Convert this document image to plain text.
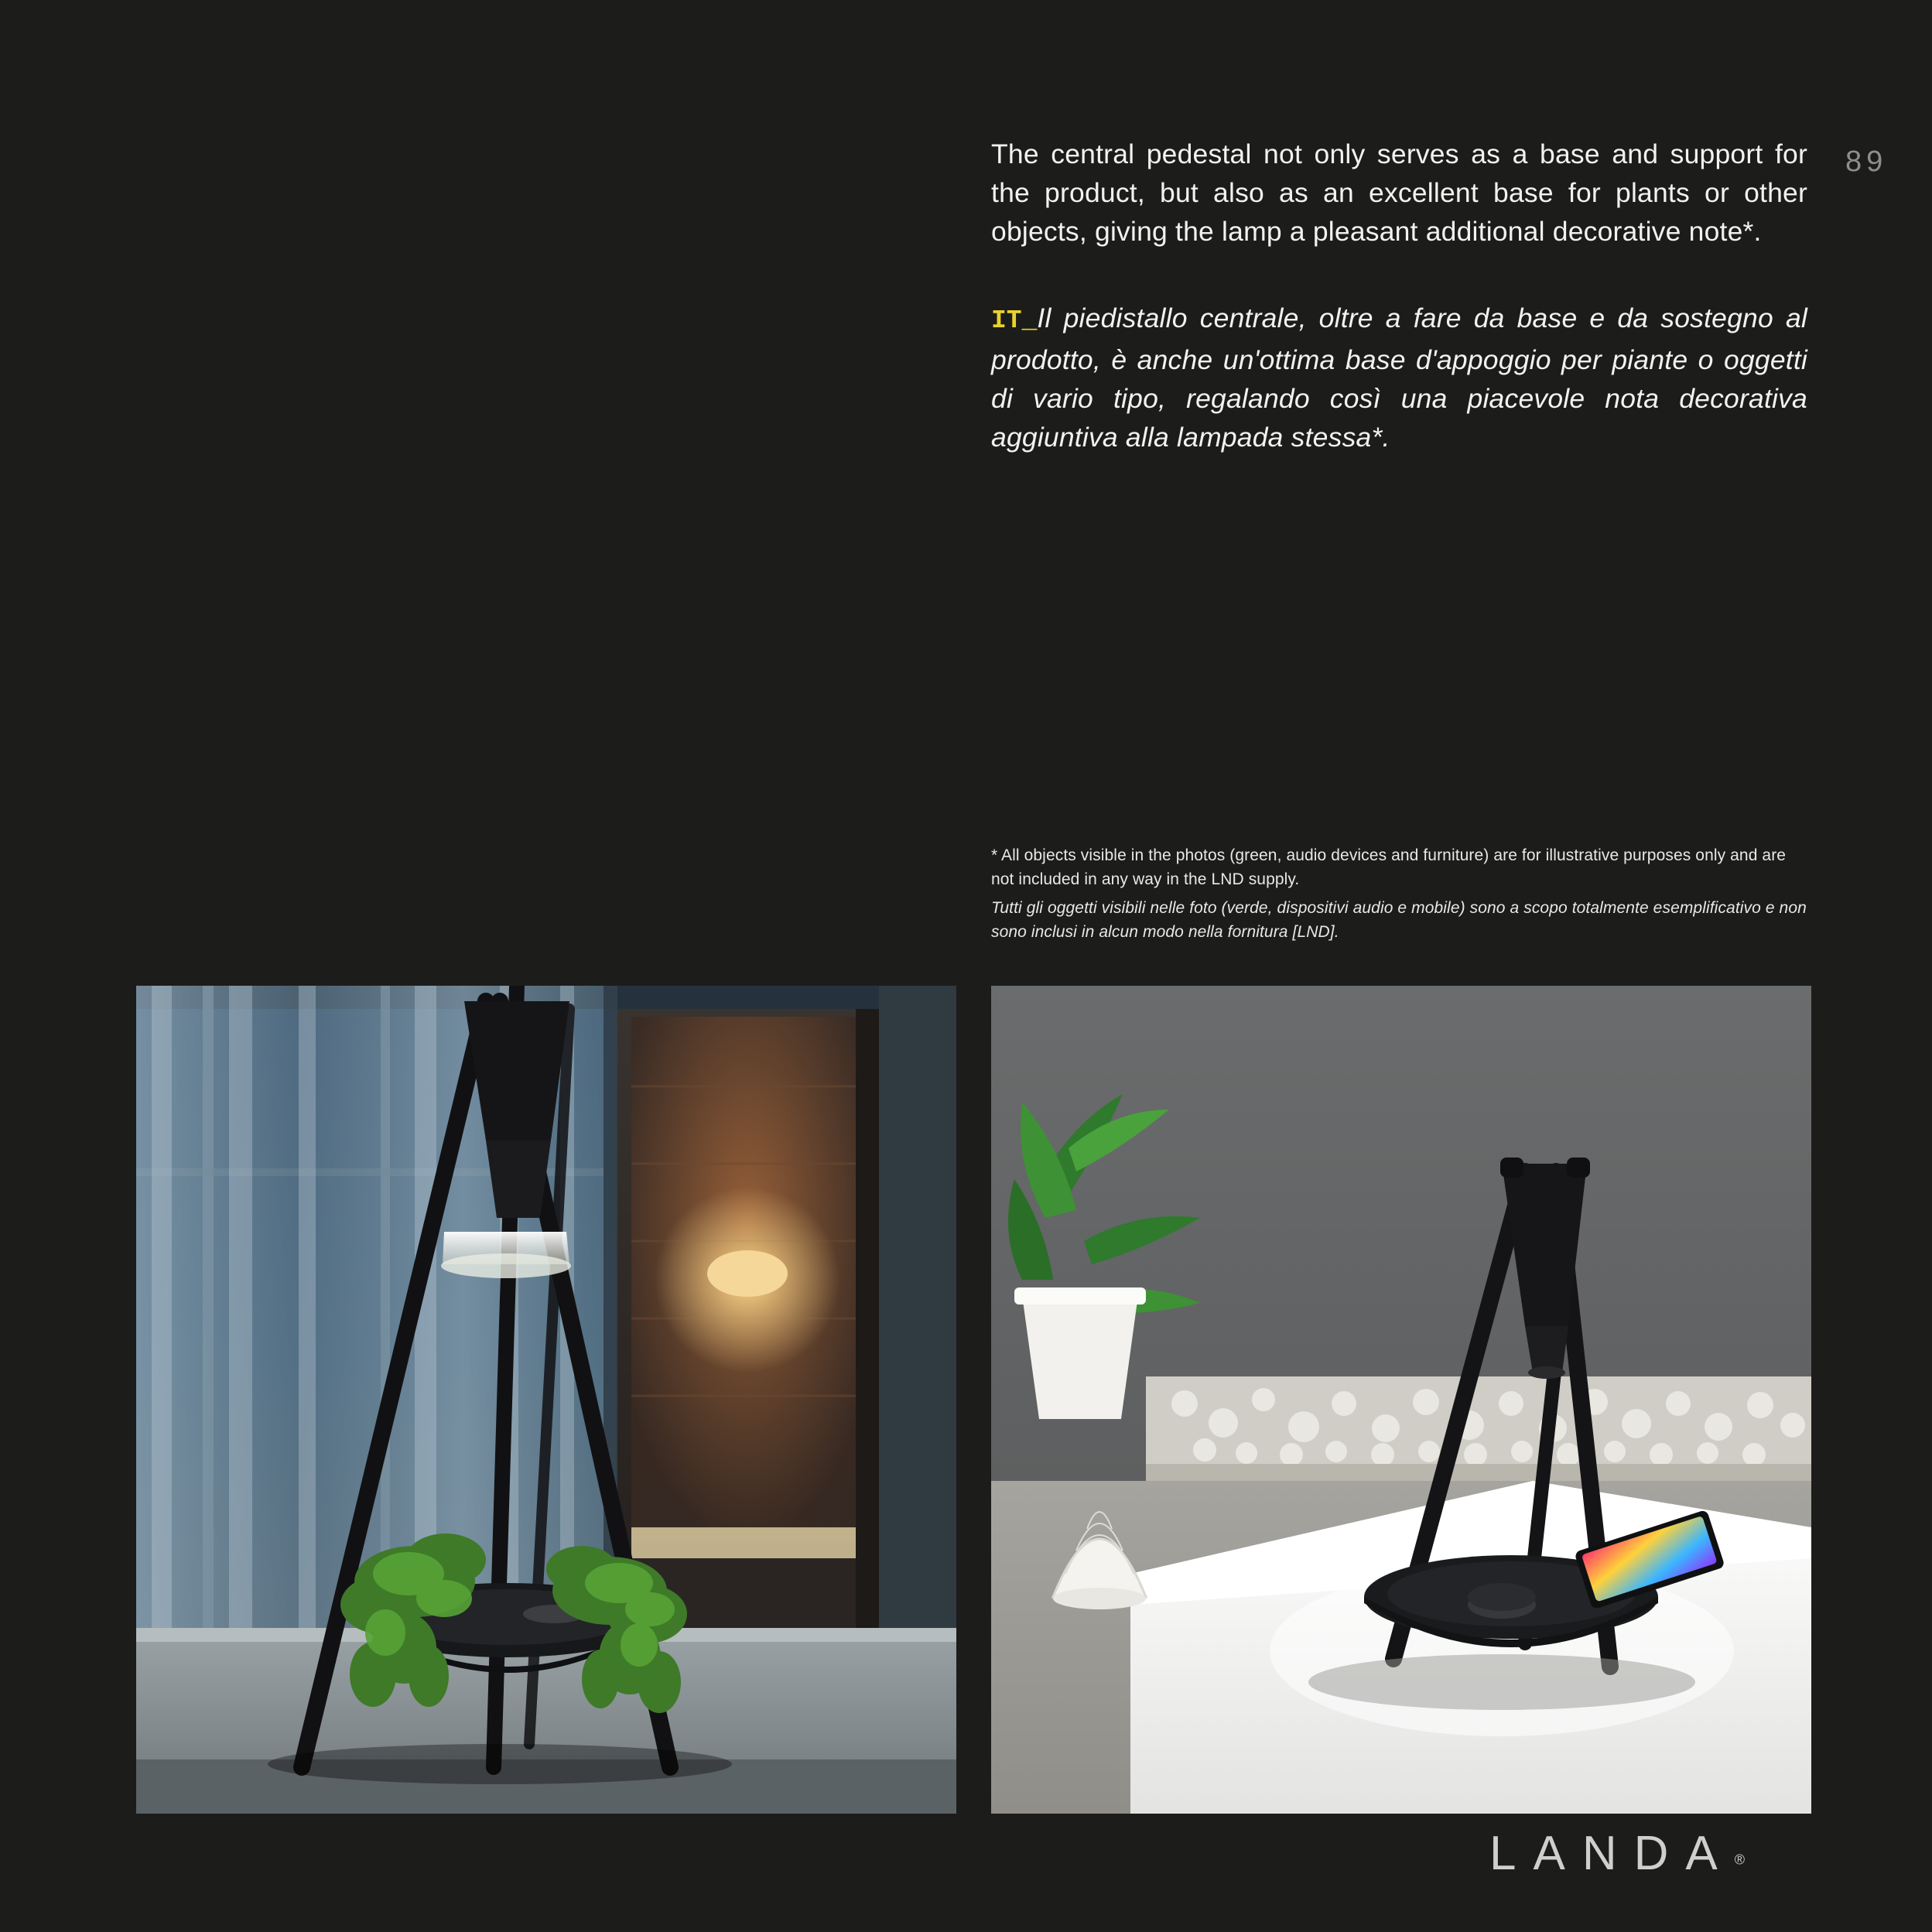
89

The central pedestal not only serves as a base and support for the product, but also as an excellent base for plants or other objects, giving the lamp a pleasant additional decorative note*.

IT_Il piedistallo centrale, oltre a fare da base e da sostegno al prodotto, è anche un'ottima base d'appoggio per piante o oggetti di vario tipo, regalando così una piacevole nota decorativa aggiuntiva alla lampada stessa*.

* All objects visible in the photos (green, audio devices and furniture) are for illustrative purposes only and are not included in any way in the LND supply.
Tutti gli oggetti visibili nelle foto (verde, dispositivi audio e mobile) sono a scopo totalmente esemplificativo e non sono inclusi in alcun modo nella fornitura [LND].
LANDA®
